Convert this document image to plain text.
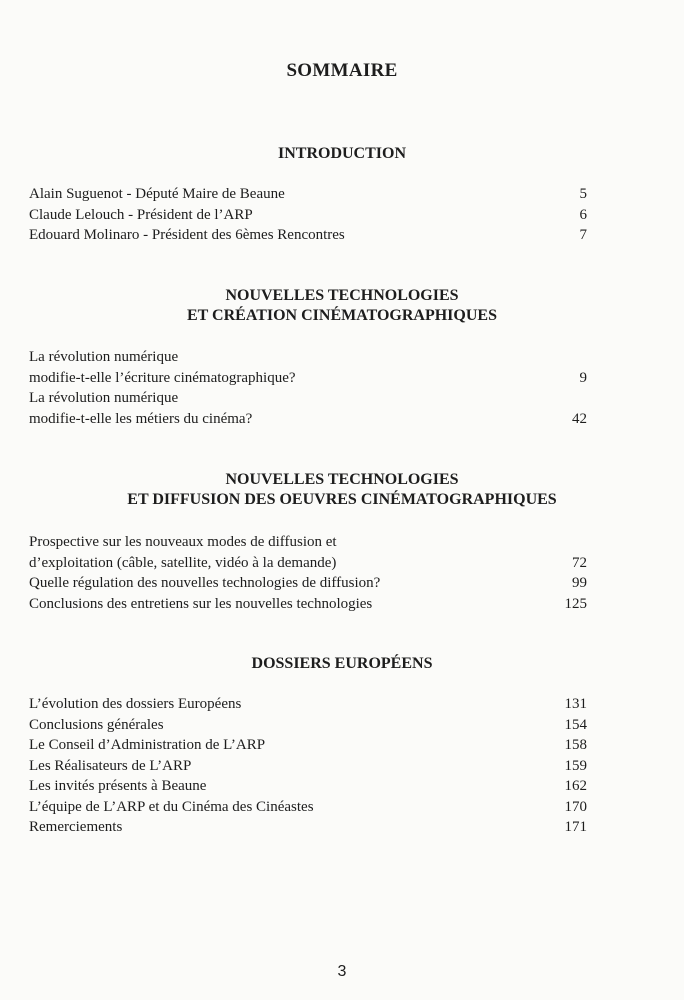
SOMMAIRE
INTRODUCTION
Alain Suguenot - Député Maire de Beaune	5
Claude Lelouch - Président de l’ARP	6
Edouard Molinaro - Président des 6èmes Rencontres	7
NOUVELLES TECHNOLOGIES
ET CRÉATION CINÉMATOGRAPHIQUES
La révolution numérique
modifie-t-elle l’écriture cinématographique?	9
La révolution numérique
modifie-t-elle les métiers du cinéma?	42
NOUVELLES TECHNOLOGIES
ET DIFFUSION DES OEUVRES CINÉMATOGRAPHIQUES
Prospective sur les nouveaux modes de diffusion et
d’exploitation (câble, satellite, vidéo à la demande)	72
Quelle régulation des nouvelles technologies de diffusion?	99
Conclusions des entretiens sur les nouvelles technologies	125
DOSSIERS EUROPÉENS
L’évolution des dossiers Européens	131
Conclusions générales	154
Le Conseil d’Administration de L’ARP	158
Les Réalisateurs de L’ARP	159
Les invités présents à Beaune	162
L’équipe de L’ARP et du Cinéma des Cinéastes	170
Remerciements	171
3
